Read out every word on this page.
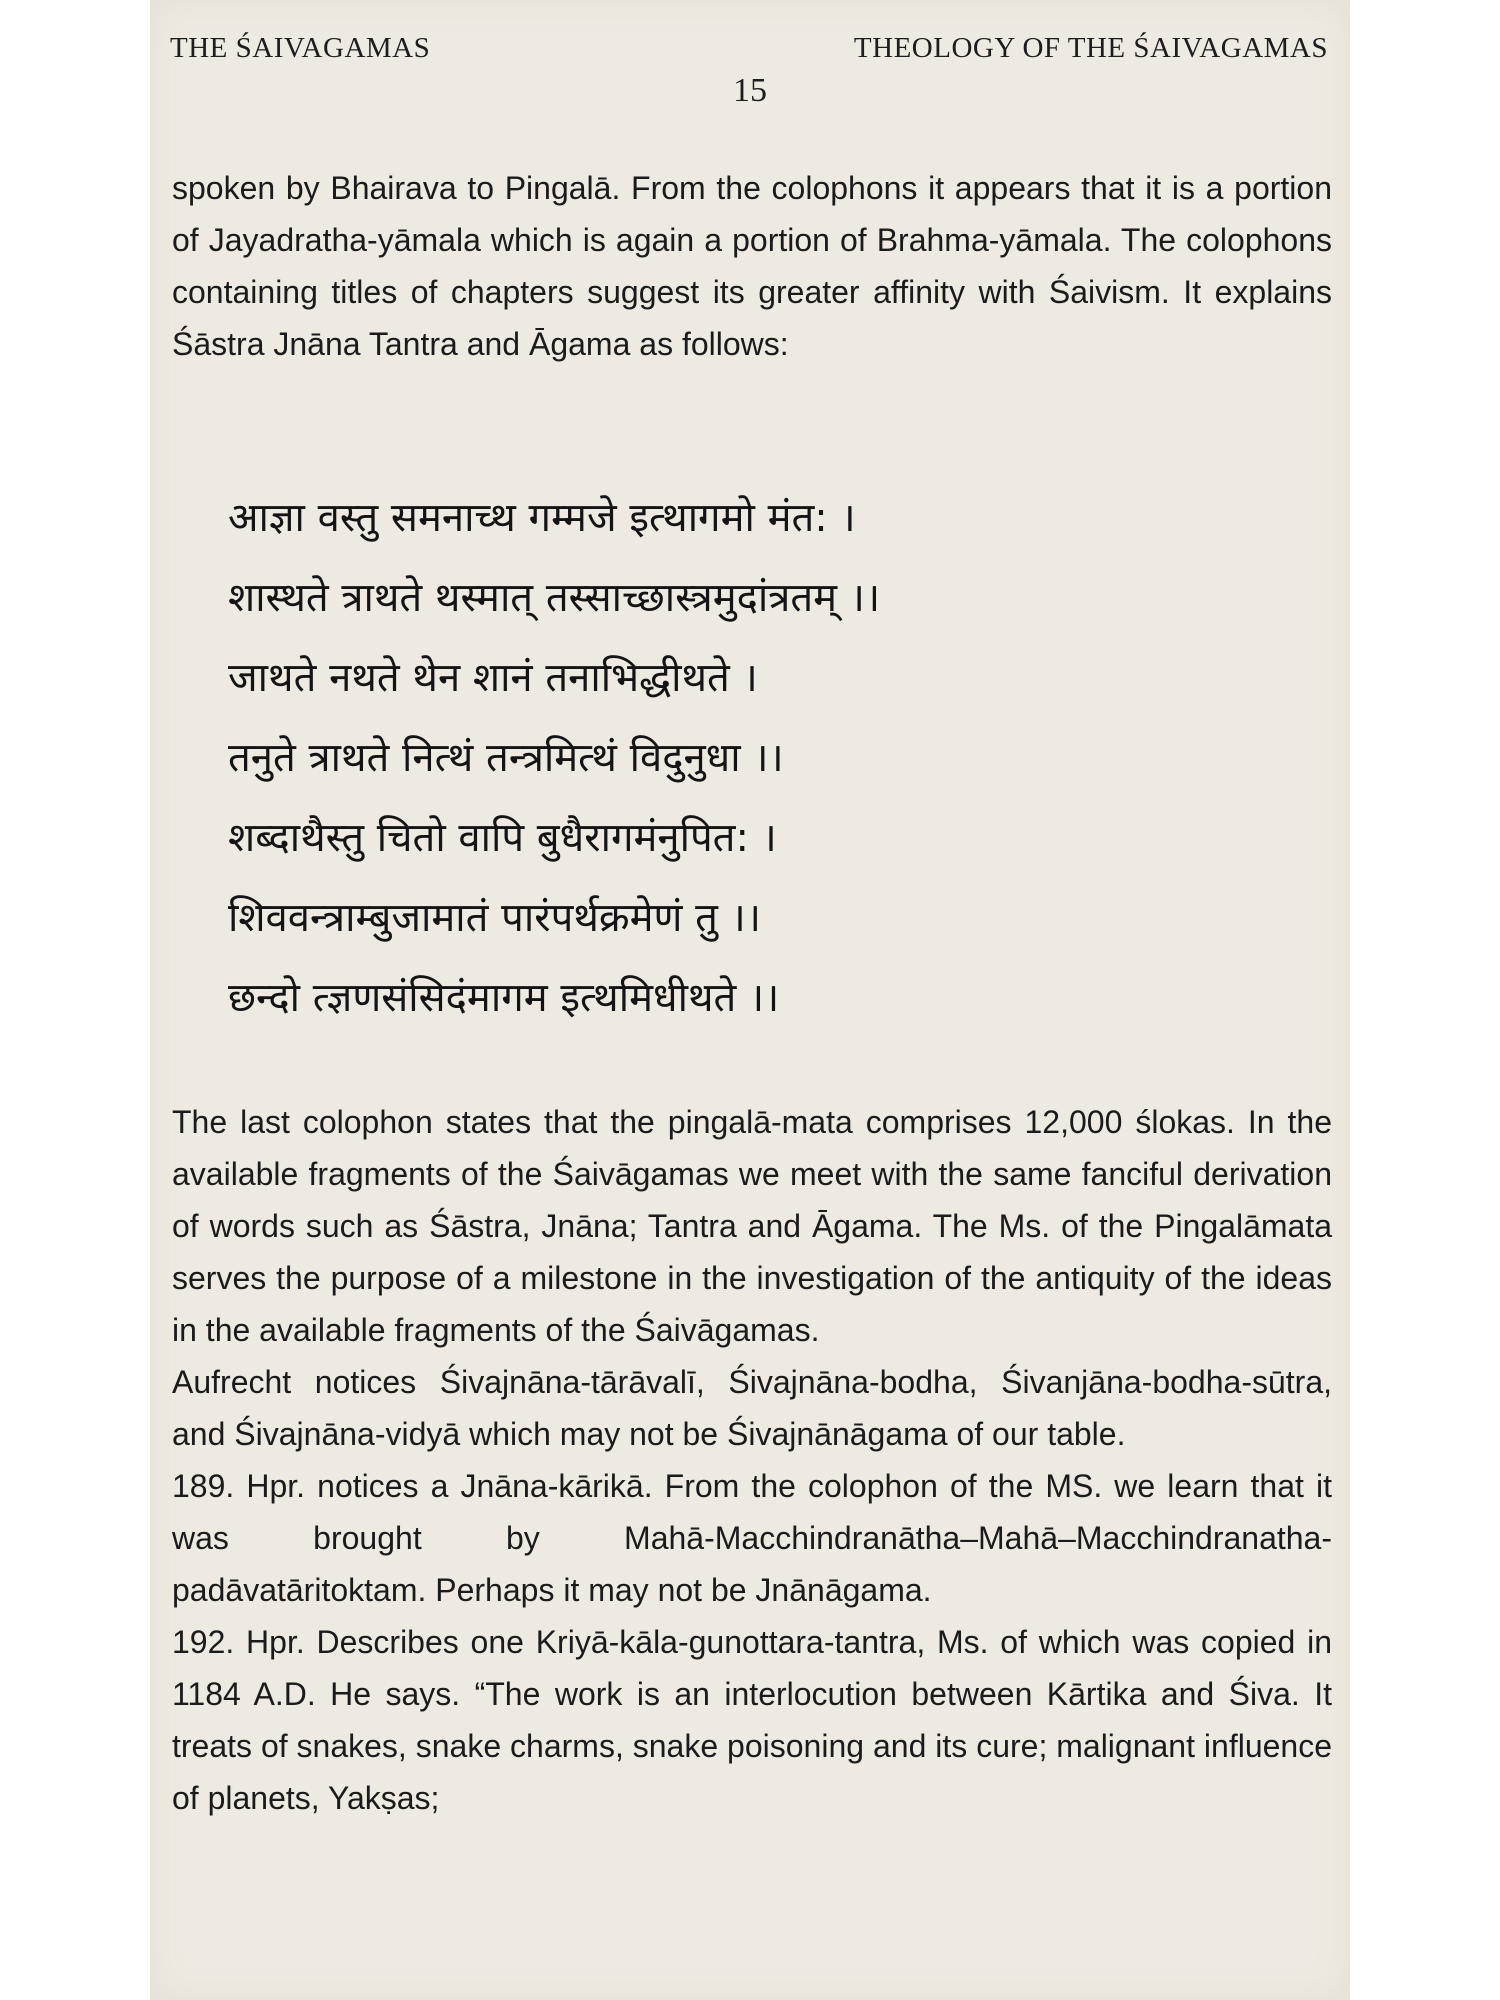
THE ŚAIVAGAMAS	THEOLOGY OF THE ŚAIVAGAMAS
15

spoken by Bhairava to Pingalā. From the colophons it appears that it is a portion of Jayadratha-yāmala which is again a portion of Brahma-yāmala. The colophons containing titles of chapters suggest its greater affinity with Śaivism. It explains Śāstra Jnāna Tantra and Āgama as follows:

आज्ञा वस्तु समनाच्थ गम्मजे इत्थागमो मंत: ।
शास्थते त्राथते थस्मात् तस्साच्छास्त्रमुदांत्रतम् ।।
जाथते नथते थेन शानं तनाभिद्धीथते ।
तनुते त्राथते नित्थं तन्त्रमित्थं विदुनुधा ।।
शब्दाथैस्तु चितो वापि बुधैरागमंनुपित: ।
शिववन्त्राम्बुजामातं पारंपर्थक्रमेणं तु ।।
छन्दो त्ज्ञणसंसिदंमागम इत्थमिधीथते ।।

The last colophon states that the pingalā-mata comprises 12,000 ślokas. In the available fragments of the Śaivāgamas we meet with the same fanciful derivation of words such as Śāstra, Jnāna; Tantra and Āgama. The Ms. of the Pingalāmata serves the purpose of a milestone in the investigation of the antiquity of the ideas in the available fragments of the Śaivāgamas.

Aufrecht notices Śivajnāna-tārāvalī, Śivajnāna-bodha, Śivanjāna-bodha-sūtra, and Śivajnāna-vidyā which may not be Śivajnānāgama of our table.

189. Hpr. notices a Jnāna-kārikā. From the colophon of the MS. we learn that it was brought by Mahā-Macchindranātha–Mahā–Macchindranatha-padāvatāritoktam. Perhaps it may not be Jnānāgama.

192. Hpr. Describes one Kriyā-kāla-gunottara-tantra, Ms. of which was copied in 1184 A.D. He says. “The work is an interlocution between Kārtika and Śiva. It treats of snakes, snake charms, snake poisoning and its cure; malignant influence of planets, Yakṣas;
